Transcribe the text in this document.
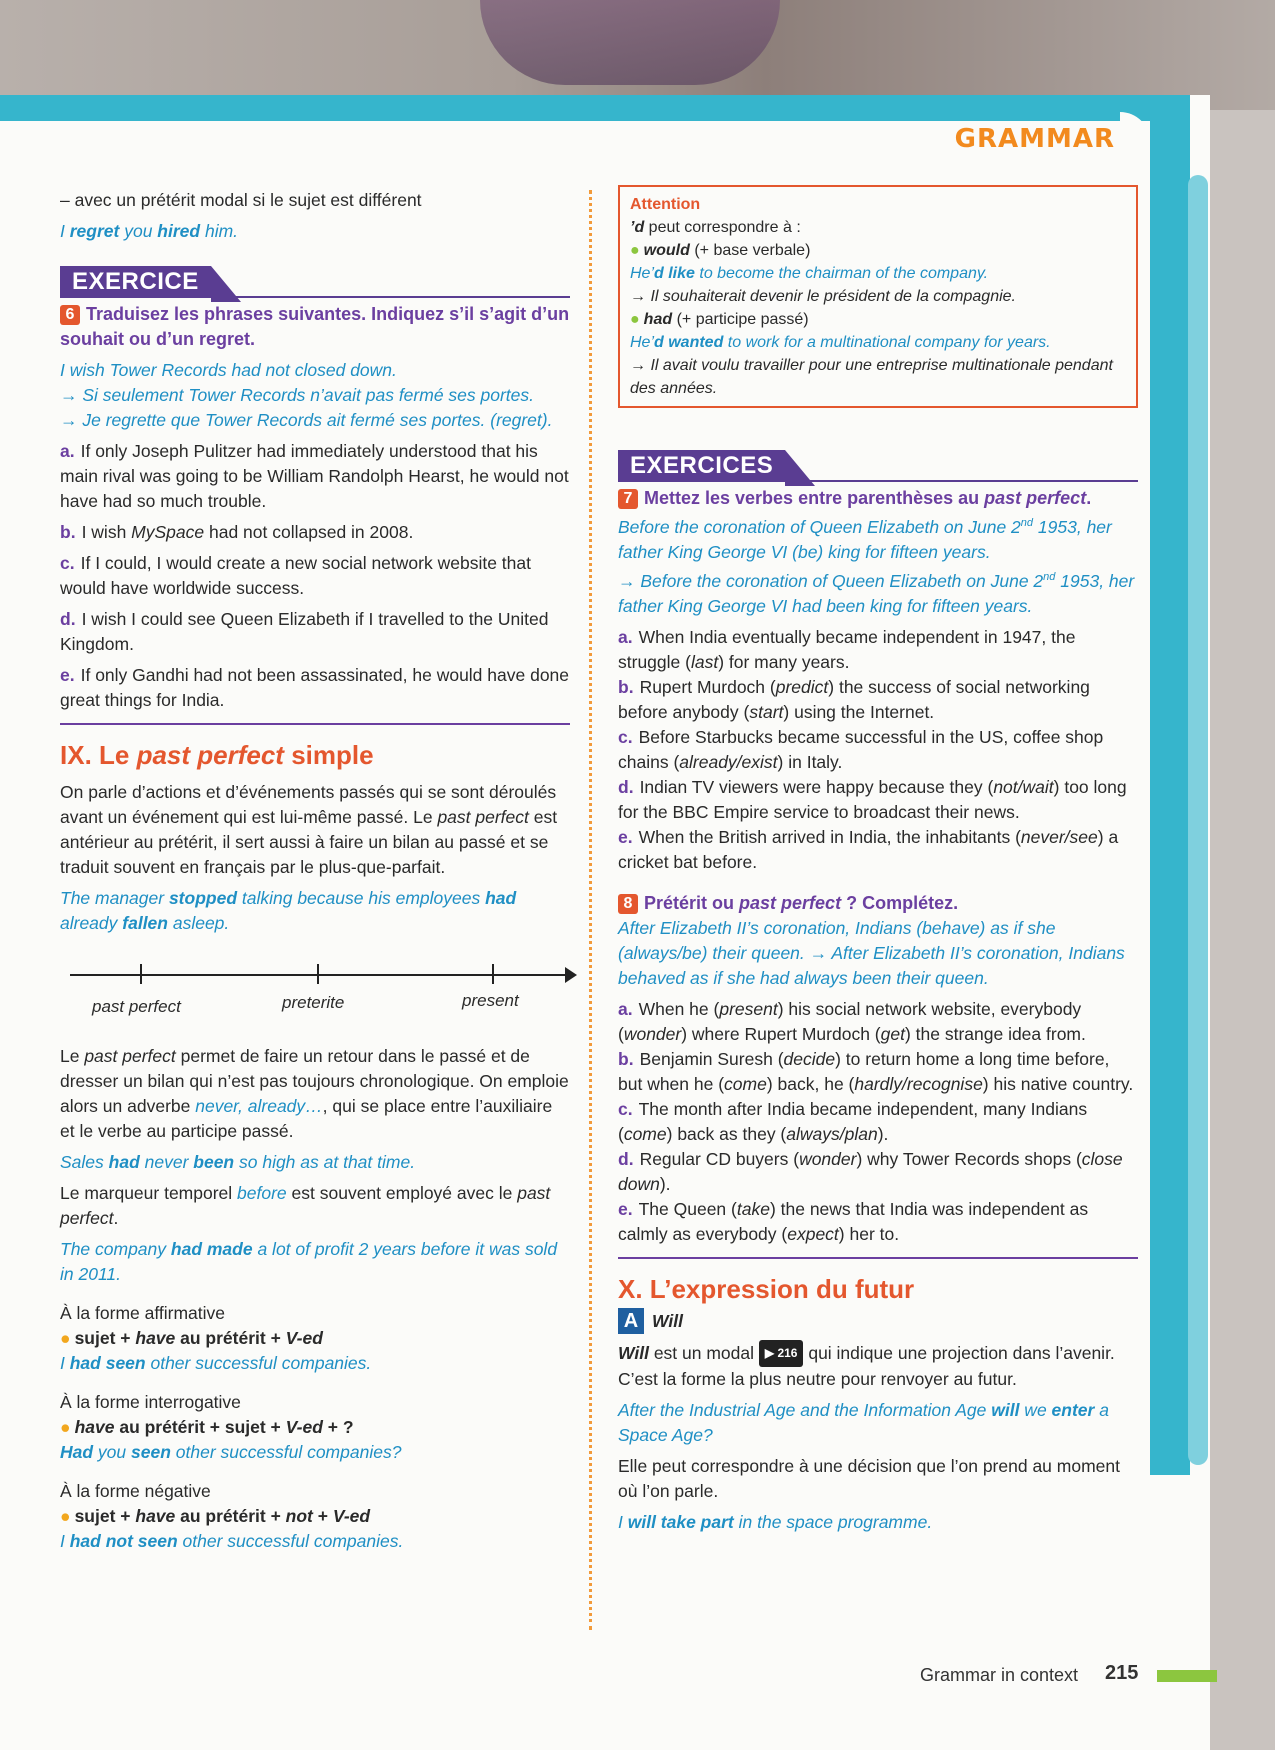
GRAMMAR

– avec un prétérit modal si le sujet est différent

I regret you hired him.

EXERCICE

6 Traduisez les phrases suivantes. Indiquez s’il s’agit d’un souhait ou d’un regret.

I wish Tower Records had not closed down.

→ Si seulement Tower Records n’avait pas fermé ses portes.

→ Je regrette que Tower Records ait fermé ses portes. (regret).

a. If only Joseph Pulitzer had immediately understood that his main rival was going to be William Randolph Hearst, he would not have had so much trouble.

b. I wish MySpace had not collapsed in 2008.

c. If I could, I would create a new social network website that would have worldwide success.

d. I wish I could see Queen Elizabeth if I travelled to the United Kingdom.

e. If only Gandhi had not been assassinated, he would have done great things for India.

IX. Le past perfect simple

On parle d’actions et d’événements passés qui se sont déroulés avant un événement qui est lui-même passé. Le past perfect est antérieur au prétérit, il sert aussi à faire un bilan au passé et se traduit souvent en français par le plus-que-parfait.

The manager stopped talking because his employees had already fallen asleep.

past perfect	preterite	present

Le past perfect permet de faire un retour dans le passé et de dresser un bilan qui n’est pas toujours chronologique. On emploie alors un adverbe never, already…, qui se place entre l’auxiliaire et le verbe au participe passé.

Sales had never been so high as at that time.

Le marqueur temporel before est souvent employé avec le past perfect.

The company had made a lot of profit 2 years before it was sold in 2011.

À la forme affirmative

● sujet + have au prétérit + V-ed

I had seen other successful companies.

À la forme interrogative

● have au prétérit + sujet + V-ed + ?

Had you seen other successful companies?

À la forme négative

● sujet + have au prétérit + not + V-ed

I had not seen other successful companies.

Attention
’d peut correspondre à :
● would (+ base verbale)
He’d like to become the chairman of the company.
→ Il souhaiterait devenir le président de la compagnie.
● had (+ participe passé)
He’d wanted to work for a multinational company for years.
→ Il avait voulu travailler pour une entreprise multinationale pendant des années.
EXERCICES

7 Mettez les verbes entre parenthèses au past perfect.

Before the coronation of Queen Elizabeth on June 2nd 1953, her father King George VI (be) king for fifteen years.

→ Before the coronation of Queen Elizabeth on June 2nd 1953, her father King George VI had been king for fifteen years.

a. When India eventually became independent in 1947, the struggle (last) for many years.

b. Rupert Murdoch (predict) the success of social networking before anybody (start) using the Internet.

c. Before Starbucks became successful in the US, coffee shop chains (already/exist) in Italy.

d. Indian TV viewers were happy because they (not/wait) too long for the BBC Empire service to broadcast their news.

e. When the British arrived in India, the inhabitants (never/see) a cricket bat before.

8 Prétérit ou past perfect ? Complétez.

After Elizabeth II’s coronation, Indians (behave) as if she (always/be) their queen. → After Elizabeth II’s coronation, Indians behaved as if she had always been their queen.

a. When he (present) his social network website, everybody (wonder) where Rupert Murdoch (get) the strange idea from.

b. Benjamin Suresh (decide) to return home a long time before, but when he (come) back, he (hardly/recognise) his native country.

c. The month after India became independent, many Indians (come) back as they (always/plan).

d. Regular CD buyers (wonder) why Tower Records shops (close down).

e. The Queen (take) the news that India was independent as calmly as everybody (expect) her to.

X. L’expression du futur

A Will

Will est un modal ▶ 216 qui indique une projection dans l’avenir. C’est la forme la plus neutre pour renvoyer au futur.

After the Industrial Age and the Information Age will we enter a Space Age?

Elle peut correspondre à une décision que l’on prend au moment où l’on parle.

I will take part in the space programme.

Grammar in context 215
